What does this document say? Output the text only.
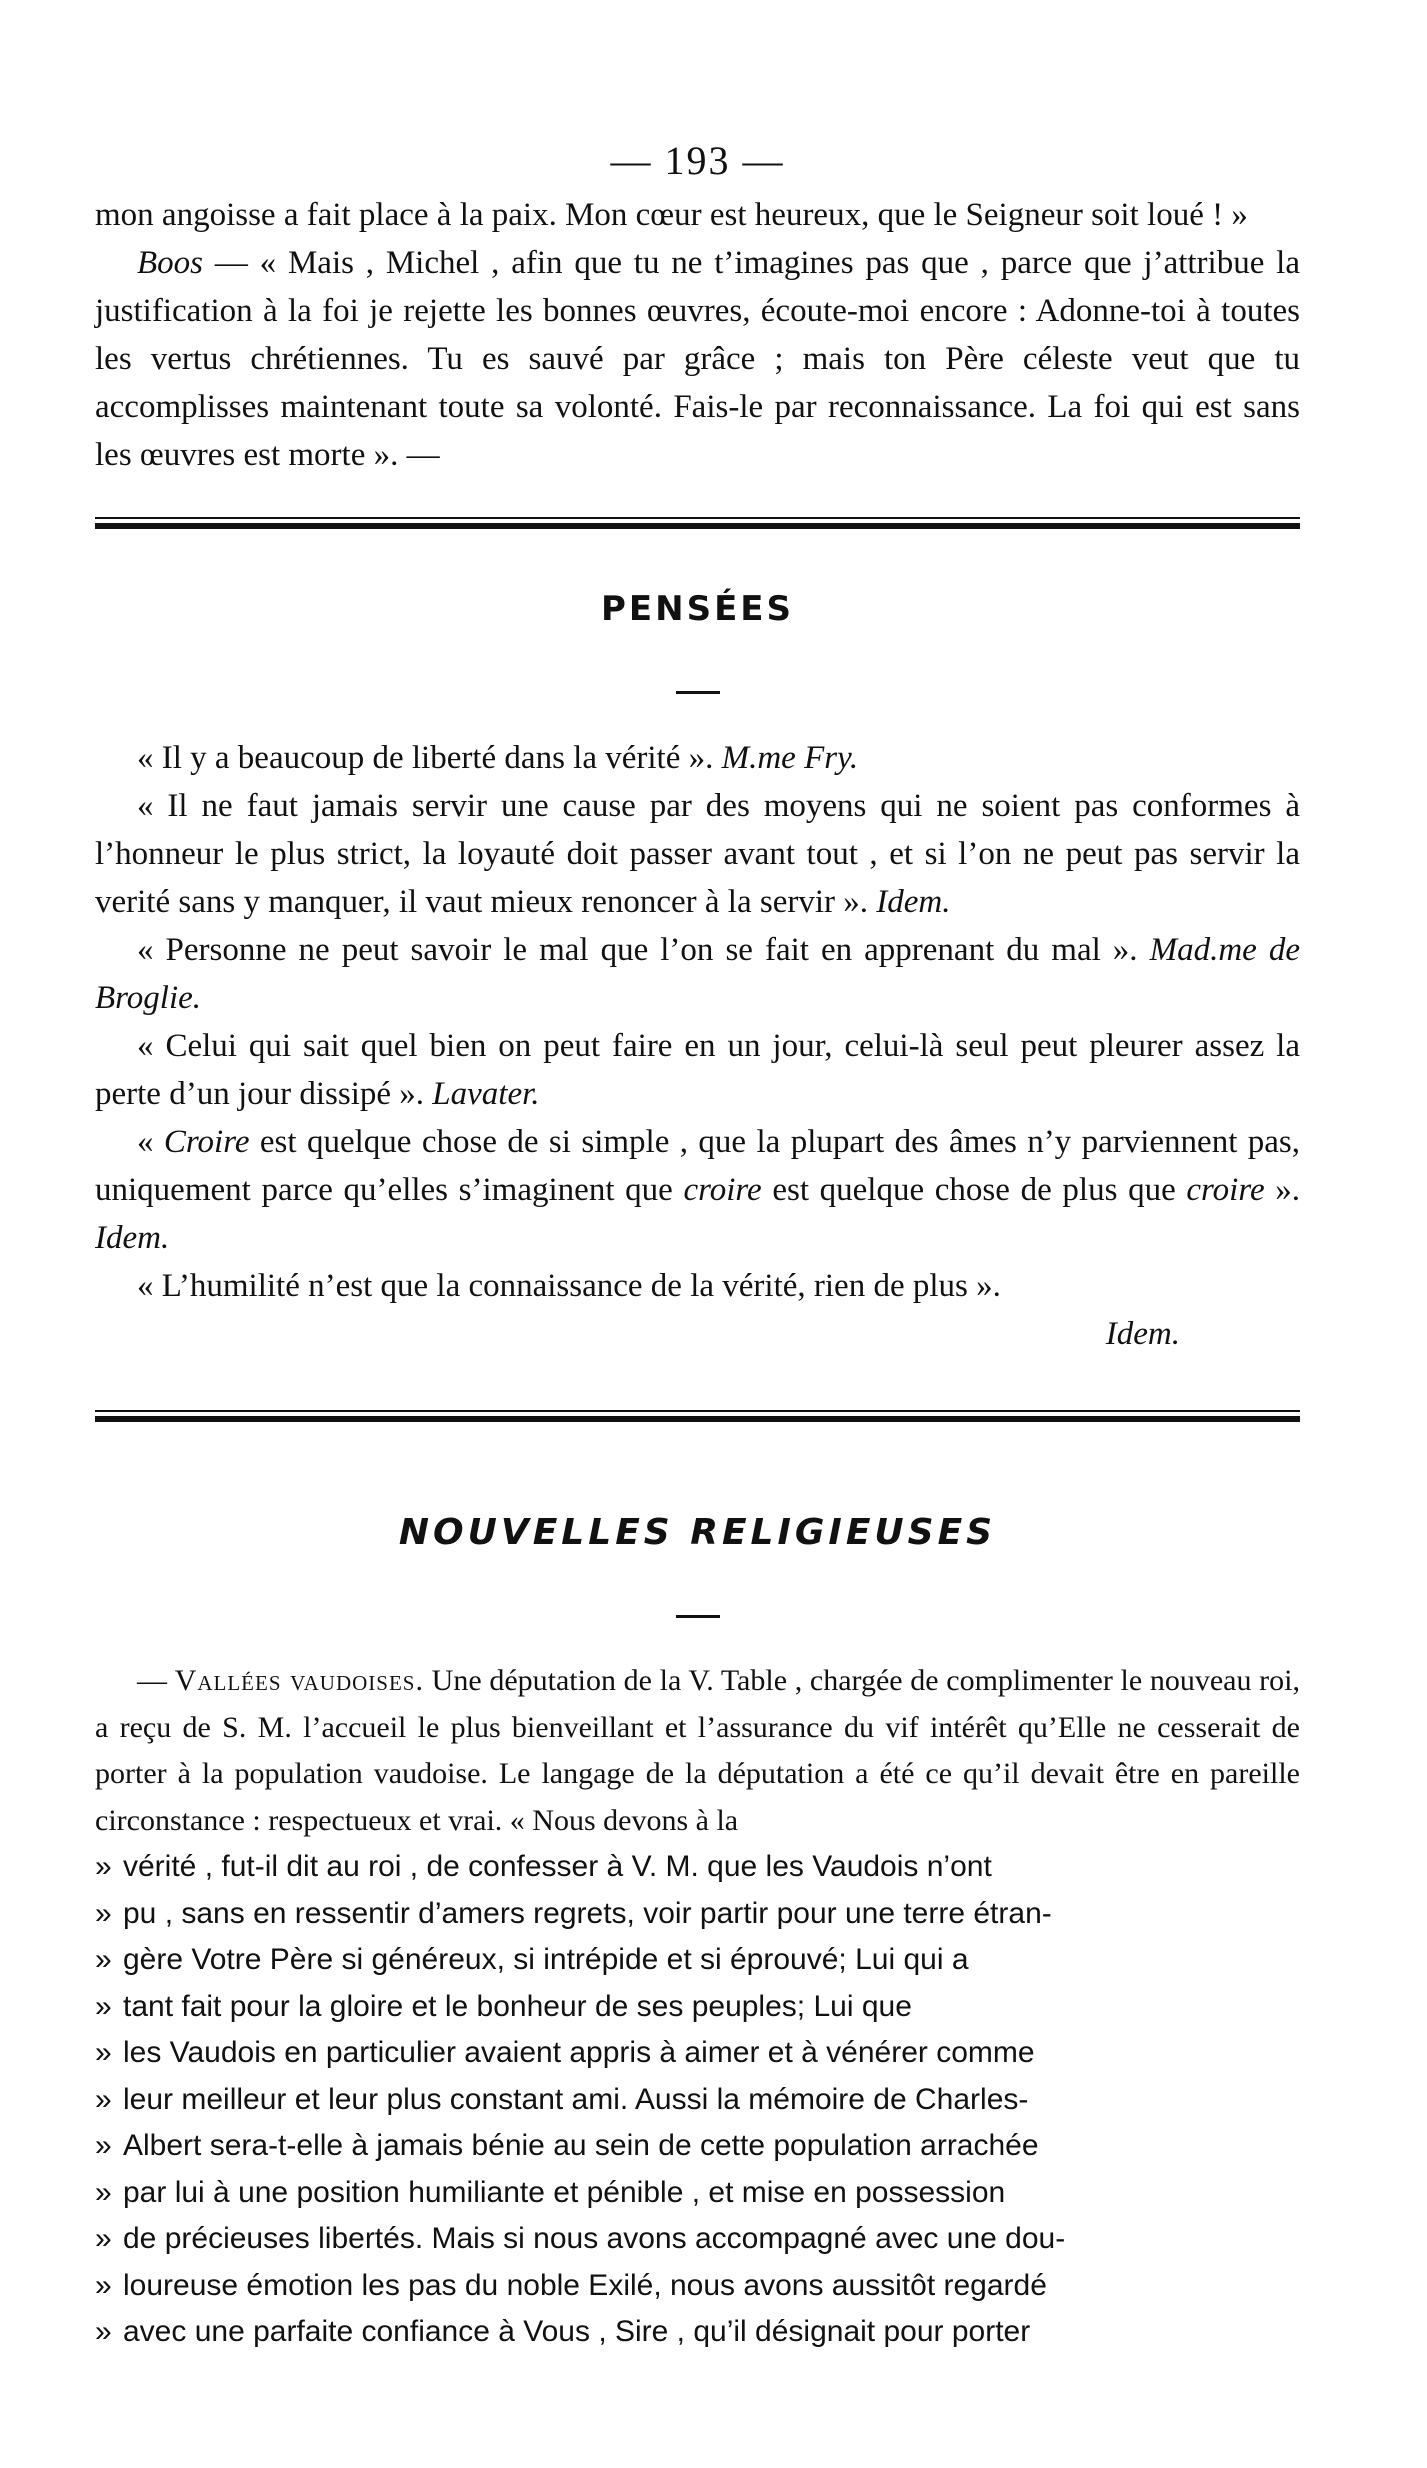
— 193 —

mon angoisse a fait place à la paix. Mon cœur est heureux, que le Seigneur soit loué ! »

Boos — « Mais , Michel , afin que tu ne t’imagines pas que , parce que j’attribue la justification à la foi je rejette les bonnes œuvres, écoute-moi encore : Adonne-toi à toutes les vertus chrétiennes. Tu es sauvé par grâce ; mais ton Père céleste veut que tu accomplisses maintenant toute sa volonté. Fais-le par reconnaissance. La foi qui est sans les œuvres est morte ». —

PENSÉES

« Il y a beaucoup de liberté dans la vérité ». M.me Fry.

« Il ne faut jamais servir une cause par des moyens qui ne soient pas conformes à l’honneur le plus strict, la loyauté doit passer avant tout , et si l’on ne peut pas servir la verité sans y manquer, il vaut mieux renoncer à la servir ». Idem.

« Personne ne peut savoir le mal que l’on se fait en apprenant du mal ». Mad.me de Broglie.

« Celui qui sait quel bien on peut faire en un jour, celui-là seul peut pleurer assez la perte d’un jour dissipé ». Lavater.

« Croire est quelque chose de si simple , que la plupart des âmes n’y parviennent pas, uniquement parce qu’elles s’imaginent que croire est quelque chose de plus que croire ». Idem.

« L’humilité n’est que la connaissance de la vérité, rien de plus ».

Idem.

NOUVELLES RELIGIEUSES

— Vallées vaudoises. Une députation de la V. Table , chargée de complimenter le nouveau roi, a reçu de S. M. l’accueil le plus bienveillant et l’assurance du vif intérêt qu’Elle ne cesserait de porter à la population vaudoise. Le langage de la députation a été ce qu’il devait être en pareille circonstance : respectueux et vrai. « Nous devons à la

» vérité , fut-il dit au roi , de confesser à V. M. que les Vaudois n’ont

» pu , sans en ressentir d’amers regrets, voir partir pour une terre étran-

» gère Votre Père si généreux, si intrépide et si éprouvé; Lui qui a

» tant fait pour la gloire et le bonheur de ses peuples; Lui que

» les Vaudois en particulier avaient appris à aimer et à vénérer comme

» leur meilleur et leur plus constant ami. Aussi la mémoire de Charles-

» Albert sera-t-elle à jamais bénie au sein de cette population arrachée

» par lui à une position humiliante et pénible , et mise en possession

» de précieuses libertés. Mais si nous avons accompagné avec une dou-

» loureuse émotion les pas du noble Exilé, nous avons aussitôt regardé

» avec une parfaite confiance à Vous , Sire , qu’il désignait pour porter
